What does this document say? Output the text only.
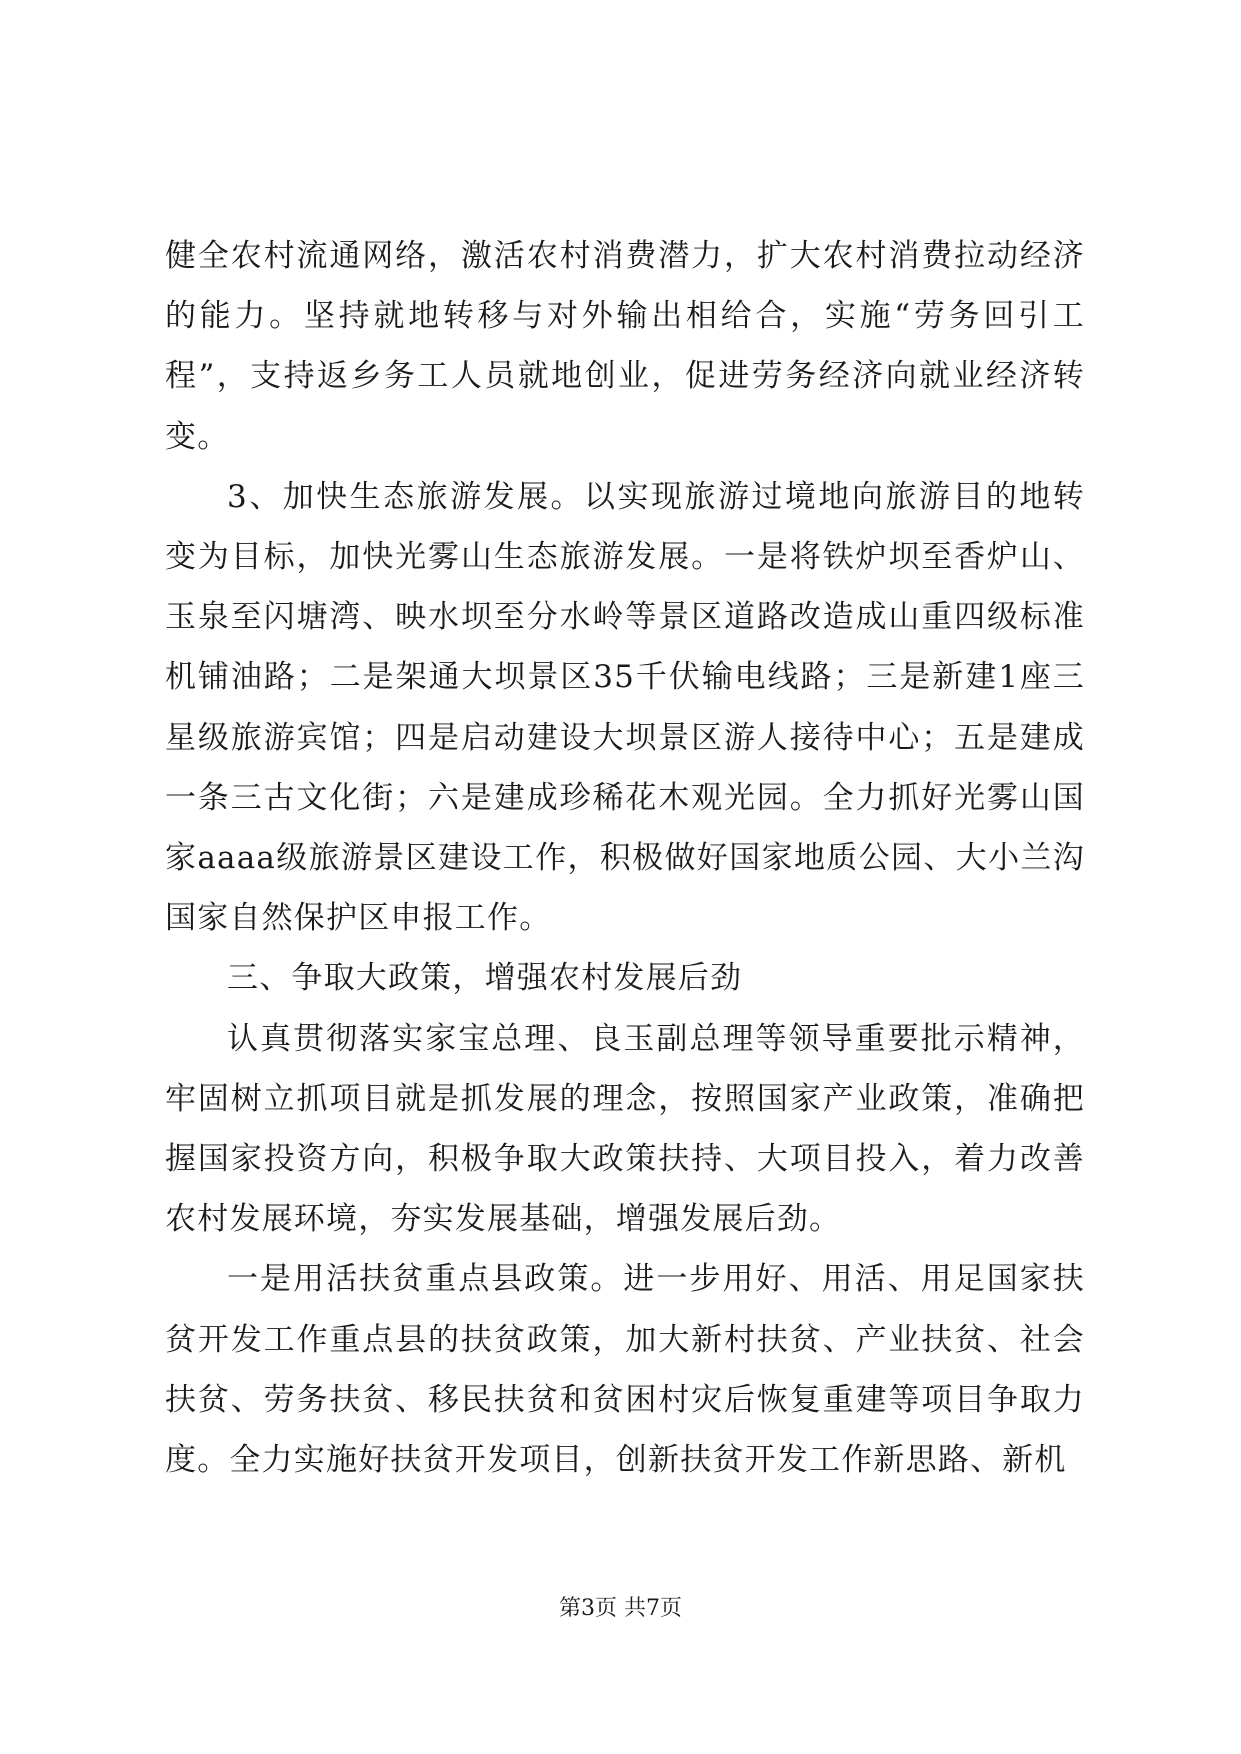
健全农村流通网络，激活农村消费潜力，扩大农村消费拉动经济的能力。坚持就地转移与对外输出相给合，实施“劳务回引工程”，支持返乡务工人员就地创业，促进劳务经济向就业经济转变。

3、加快生态旅游发展。以实现旅游过境地向旅游目的地转变为目标，加快光雾山生态旅游发展。一是将铁炉坝至香炉山、玉泉至闪塘湾、映水坝至分水岭等景区道路改造成山重四级标准机铺油路；二是架通大坝景区35千伏输电线路；三是新建1座三星级旅游宾馆；四是启动建设大坝景区游人接待中心；五是建成一条三古文化街；六是建成珍稀花木观光园。全力抓好光雾山国家aaaa级旅游景区建设工作，积极做好国家地质公园、大小兰沟国家自然保护区申报工作。

三、争取大政策，增强农村发展后劲

认真贯彻落实家宝总理、良玉副总理等领导重要批示精神，牢固树立抓项目就是抓发展的理念，按照国家产业政策，准确把握国家投资方向，积极争取大政策扶持、大项目投入，着力改善农村发展环境，夯实发展基础，增强发展后劲。

一是用活扶贫重点县政策。进一步用好、用活、用足国家扶贫开发工作重点县的扶贫政策，加大新村扶贫、产业扶贫、社会扶贫、劳务扶贫、移民扶贫和贫困村灾后恢复重建等项目争取力度。全力实施好扶贫开发项目，创新扶贫开发工作新思路、新机

第3页 共7页
